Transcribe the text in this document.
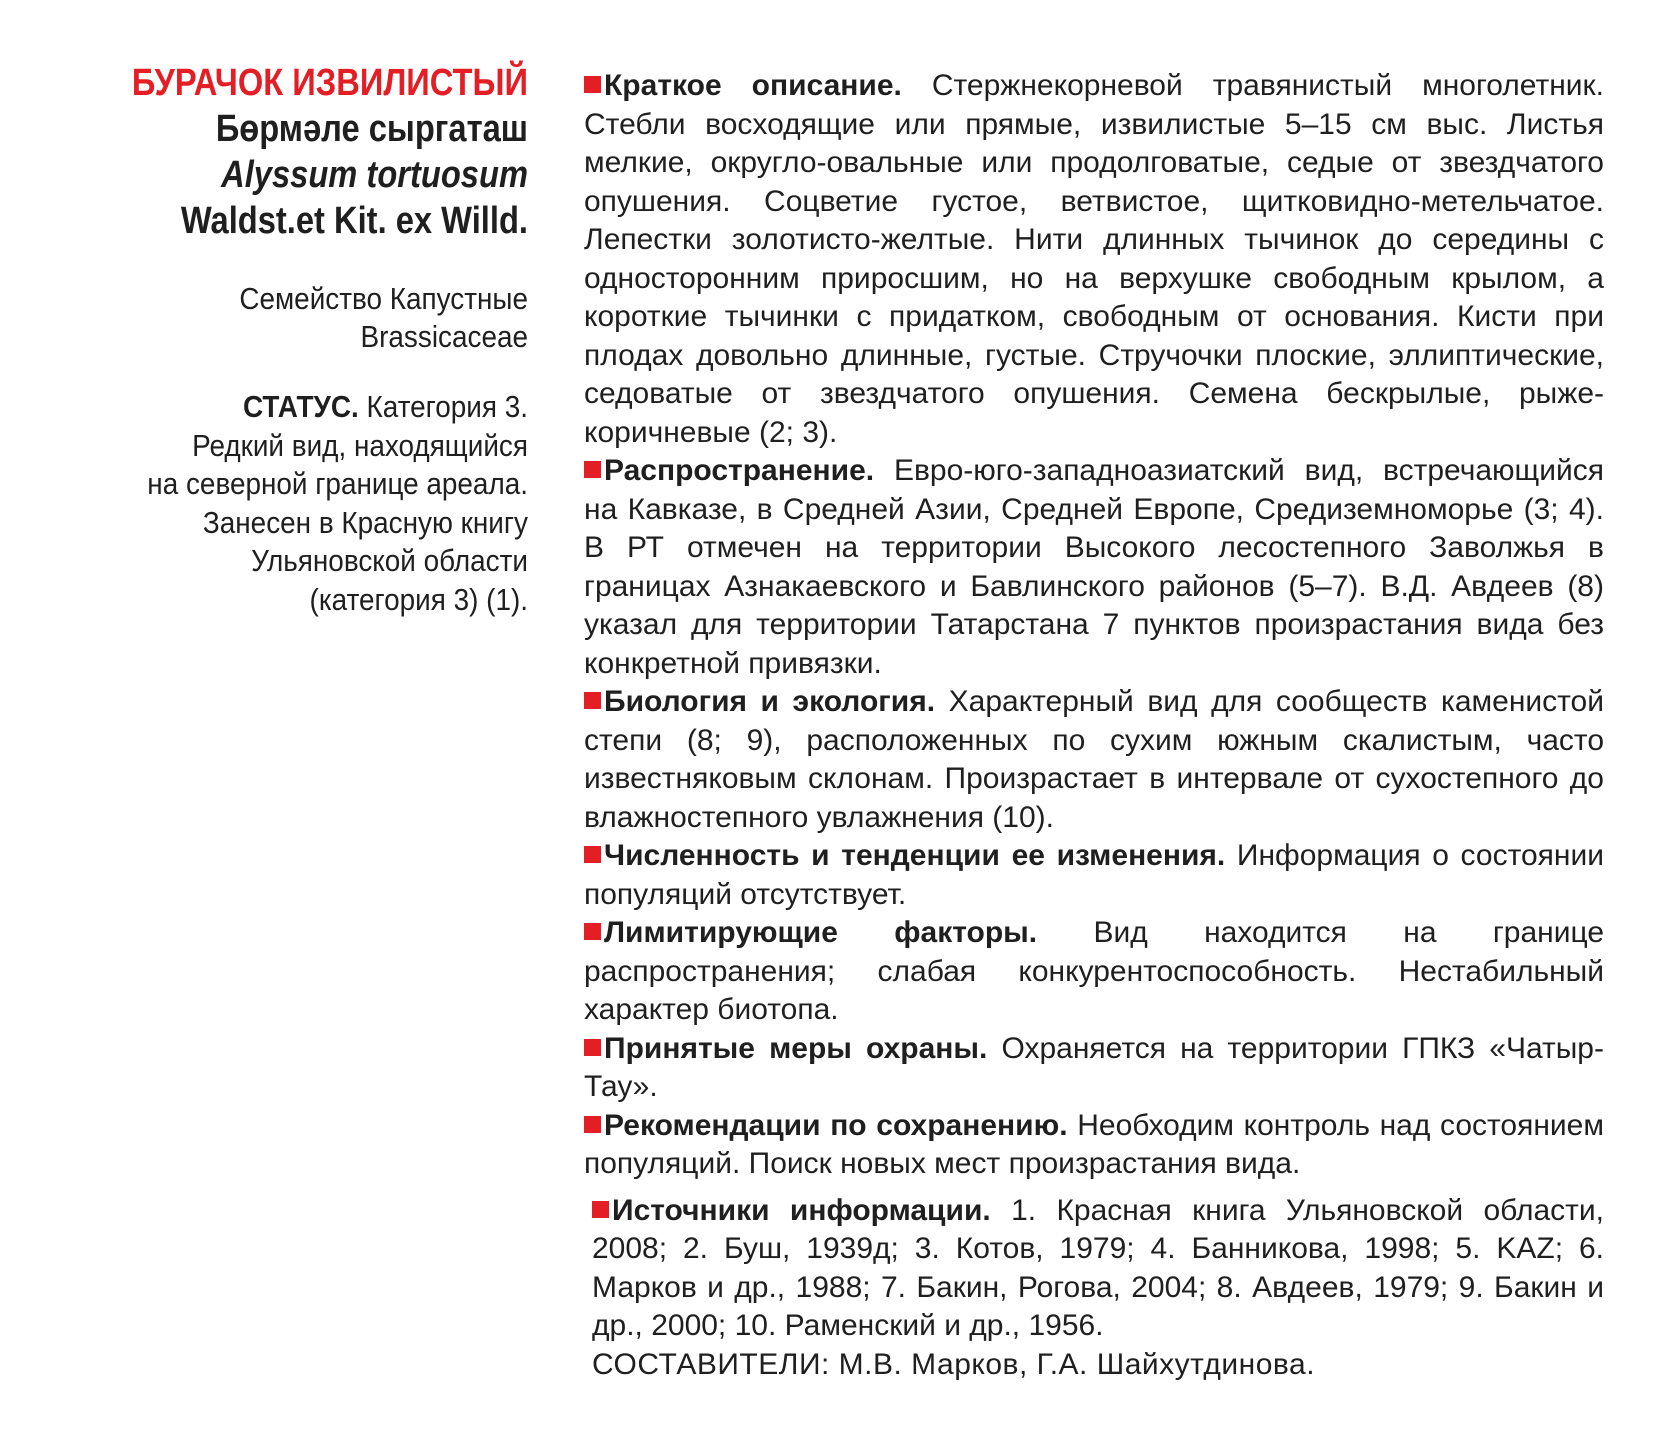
БУРАЧОК ИЗВИЛИСТЫЙ
Бөрмәле сыргаташ
Alyssum tortuosum
Waldst.et Kit. ex Willd.
Семейство Капустные
Brassicaceae
СТАТУС. Категория 3.
Редкий вид, находящийся
на северной границе ареала.
Занесен в Красную книгу
Ульяновской области
(категория 3) (1).

Краткое описание. Стержнекорневой травянистый многолетник. Стебли восходящие или прямые, извилистые 5–15 см выс. Листья мелкие, округло-овальные или продолговатые, седые от звездчатого опушения. Соцветие густое, ветвистое, щитковидно-метельчатое. Лепестки золотисто-желтые. Нити длинных тычинок до середины с односторонним приросшим, но на верхушке свободным крылом, а короткие тычинки с придатком, свободным от основания. Кисти при плодах довольно длинные, густые. Стручочки плоские, эллиптические, седоватые от звездчатого опушения. Семена бескрылые, рыже-коричневые (2; 3).

Распространение. Евро-юго-западноазиатский вид, встречающийся на Кавказе, в Средней Азии, Средней Европе, Средиземноморье (3; 4). В РТ отмечен на территории Высокого лесостепного Заволжья в границах Азнакаевского и Бавлинского районов (5–7). В.Д. Авдеев (8) указал для территории Татарстана 7 пунктов произрастания вида без конкретной привязки.

Биология и экология. Характерный вид для сообществ каменистой степи (8; 9), расположенных по сухим южным скалистым, часто известняковым склонам. Произрастает в интервале от сухостепного до влажностепного увлажнения (10).

Численность и тенденции ее изменения. Информация о состоянии популяций отсутствует.

Лимитирующие факторы. Вид находится на границе распространения; слабая конкурентоспособность. Нестабильный характер биотопа.

Принятые меры охраны. Охраняется на территории ГПКЗ «Чатыр-Тау».

Рекомендации по сохранению. Необходим контроль над состоянием популяций. Поиск новых мест произрастания вида.

Источники информации. 1. Красная книга Ульяновской области, 2008; 2. Буш, 1939д; 3. Котов, 1979; 4. Банникова, 1998; 5. KAZ; 6. Марков и др., 1988; 7. Бакин, Рогова, 2004; 8. Авдеев, 1979; 9. Бакин и др., 2000; 10. Раменский и др., 1956.

СОСТАВИТЕЛИ: М.В. Марков, Г.А. Шайхутдинова.
